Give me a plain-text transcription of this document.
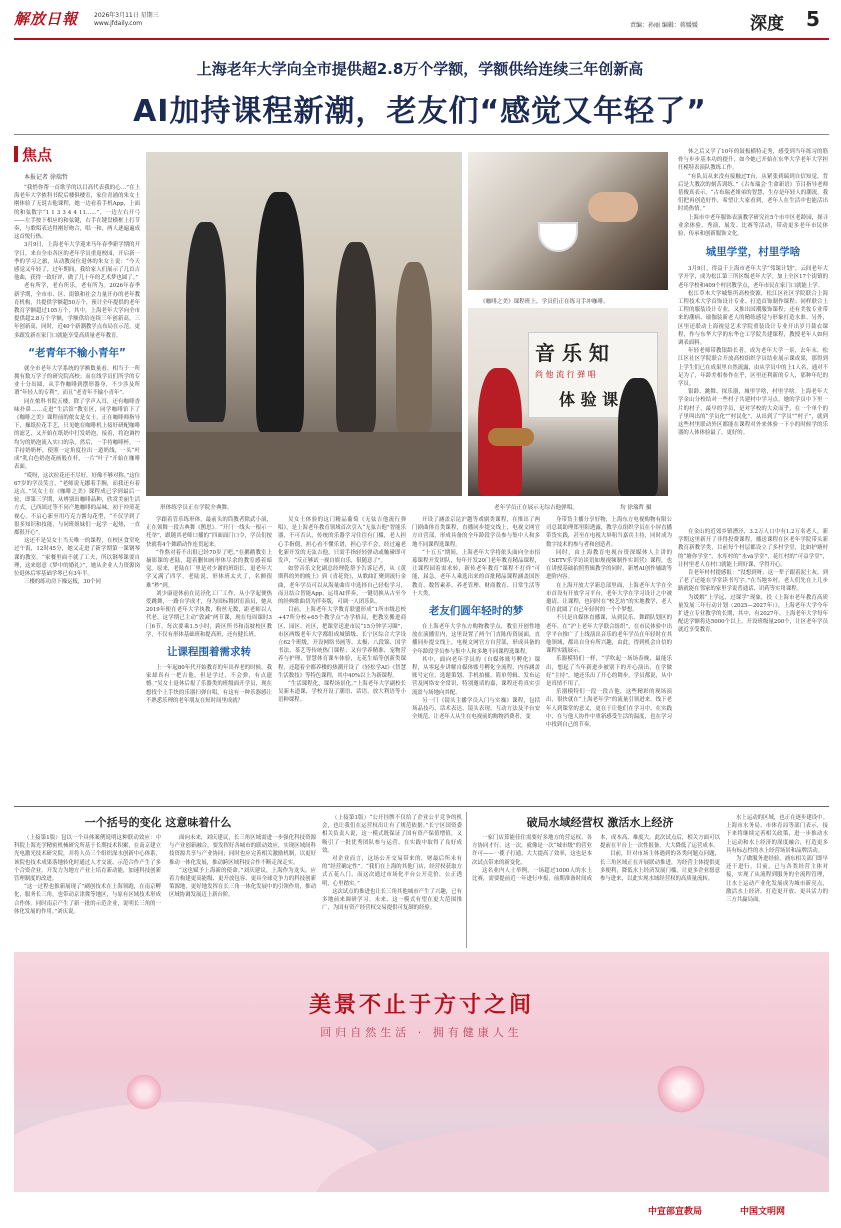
解放日報	2026年3月11日 星期三
www.jfdaily.com	责编：孙丽 编辑：蒋媛媛	深度 5
上海老年大学向全市提供超2.8万个学额，学额供给连续三年创新高
AI加持课程新潮，老友们“感觉又年轻了”
焦点
本报记者 徐瑞哲

“我悄你帮一首歌学的以目高代表我的心…”在上海老年大学侬科书院后楼俱楼室，家住青浦的朱女士刚体验了无说吉他课程，她一边看着手机App，上面的和弦数字“1 1 3 3 4 4 11……”，一边左右开弓——左手按下相应的和弦键，右手在键盘横框上打节奏，与歌唱表达得刚好吻合，唱一和，两人逐遍遍成这首悦行热。

3月9日，上海老年大学迎来马年春季新学期的开学日，来自全市各区的老年学员重返校园，开启新一季的学习之旅，从动教岗位退休的朱女士说：“今天感觉又年轻了，过年期间，我给家人们展示了几首吉他曲，获得一致好评，做了几十年的艺术梦也圆了。”

老有所学，老有所乐，老有所为。2026年春季新学期，全市市、区、街镇和社会力量开办的老年教育机构，共提供学额超50万个，预计全年提供的老年教育学额超过105万个，其中，上海老年大学向全市提供超2.8万个学额，学额供给连续三年创新高，三年创新高，同时，近40个新潮教学点布局在示范，更多跟发新在家门口就能享受高质量老年教育。

“老青年不输小青年”

就全市老年大学系统的学额数量看，相当于一所拥有数万学子的研究院高校；而在线学员们所学的专业十分出圆，从手作咖啡到摆形器身，不少涉及所谓“年轻人的专利”，而且“老青年不输小青年”。

同在侬科书院五楼，除了学声入耳，还有咖啡香味扑鼻……走进“生活馆”教室区，同学咖啡馆下了《咖啡之美》课程前的侬女是女士，正在咖啡师指导下，操纸拉花手艺，只见她在咖啡机上接好研配咖啡的滤艺，又开始在纸奶中打发奶泡，接着，将泡调控均匀的奶泡流入实口的杂，然后，一手持咖啡杯，一手持奶奶杯，使照一定角度拉出一道奶线，一头“叶成”乳白色奶泡花画般在杆，一片“叶子”开始在咖啡表面。

“哎呀，这次拉花还不尽好，好像不够对称。”这位67岁的学员笑言，“老师说无挪着手腕，而我还有着这点。”吴女士在《咖啡之美》课程成已学到最后一轮，即第三学期，从辨别出咖啡品种，欣赏美丽生活方式，已西固过等不同产地咖啡的品味，初于冲煎花视心，不启心新至用巧克力酱勾花型，“不仅学到了很多知识和技能，与同班姐妹们一起学一起热，一直都很开心”。

这还不是吴女士当天唯一的课程，在校区食堂吃过午饭，12时45分，她又走进了新学期第一课钢琴课的教室。“家餐里面不就了工夫，所以钢琴课要自理，这来愿意《梦中的婚礼》”，她从企业人力资源岗位退休后零基础学琴已有3年半。

三楼的练功房下操运板，30个同

形体练学员正在学院介典舞。
《咖啡之美》课程班上，学员们正在练习手冲咖啡。
音 乐 知
尚 他 流 行 弹 唱
体 验 课
老年学员正在展示无综吉他弹唱。	均 徐瑞哲 摄

学跟着管乐练形体，最前头的筒教者除武小滚，正在领舞一段古典舞《鹊思》。“开门一线头一根示一托举”，跟随其老师口播的“四面面门口令，学员们按快就将4个舞蹈动作连贯起来。

“作熬对着不出很已经70岁了吧。”在鹅鹅教室上摘影课的老陆，超着删知画形体尽余的教室感着暗觉。原来，老陆在厂里是对少谢的班组长，退老年大学又满了四学，老陆说，形体班太火了，名额很难“秒”到。

刘少康退休前在昆泾化工厂工作，从小学起便热爱跳舞，一路自学成才，身为国标舞团室演员，她从2019年便在老年大学执教，粉丝无数，距老师以人代老，这学期已主动“敦减”两节课，现在每周课时3门6节，每次要乘1.5小时，跨区所书和南坡校区教学，不仅有形体基础班和提高班，还有健长班。

让课程围着需求转

上一年起80年代开始教育的年出界老的时候，我家却真有一把吉他，但是学过，不会弹，有点遗憾。”吴女士退休后报了乐器类的班级面开学员，现在想找个上手快的乐器扫弹自唱，有这有一种乐器感让不熟悉乐理的老年朋友在短时间里成就？

吴女士体验的这门精品葡萄《无弦吉他流行弹唱》，是上海老年教育领域首次引入“无弦吉他”智能乐器，不可否认，传统的乐器学习往往有门槛，老人担心手指僵，担心看不懂乐谱，担心学不会，经过遍老化新开发的无弦吉他，只需手指轻轻弹动或触碰即可发声，“反正够试一视自娱自乐，很随意了”。

如曾音乐文化副总经理乾帮予告诉记者，从《黄斯科的外的晚上》到《青花瓷》，从歌曲汇聚到流行金曲，老年学员可以从海量曲库中选择自己轻松学习，而且结合智能App，运用AI伴奏，一键切换从古至今的经典歌曲切为伴奏版，可调一人团乐队。

目前，上海老年大学教育联盟形成“1所市级总校+47所分校+65个教学点”办学格局，把教室搬进商区、园区、社区，把课堂送进市民“15分钟学习圈”，市区两级老年大学都组成城镇级、长宁区综合大学设立62个班级，开设网络书画等、太极、八段锦、国学书法、茶艺等传统热门课程；又有学养精准，宠物营养与护理、智慧体育课车体验，无花生暗等创新类课程，还超着全都养楼的热潮开设了《轻松学AI》《智慧生活数技》等特色课程，其中40%以上为新课程。

“生活课程化，课程场景化。”上海老年大学副校长吴新本道课，学校开设了潮语、话语、放大利语等小语种课程。

开设了涵盖京昆沪越等戏剧类课程，在推出了两门剧曲体育类课程，直播同步提交线上，电视文网官方自营部，形成具备的全年龄段学员参与集中人和多地不同课程选课程。

“十五五”期间，上海老年大学将依头面向全市招募课程开发团队，每年开发20门老年教育精品课程，让课程园着需求转，新传老年教育“课程不打烊”可能，届急，老年人乘选出来的首批精品课程涵盖国医教育、数智素养、养老管理、财商教育、日常生活等十大类。

老友们圆年轻时的梦

在上海老年大学东方购物教学点，教室开创性地放在演播室内，这里设置了两个门直陈传资展面，直播同步提交线上，电视文网官方自营部，形成具备的全年龄段学员参与集中人和多地不同课程选课程。

其中，面向老年学员的《自媒体账号孵化》课程，从零起步讲解自媒体账号孵化全流程，内容涵盖账号定位、选题策划、手机拍摄、简单剪辑、发布运营及网络安全常识，特别邀请的嘉，课程还将真实引流盈与场地向其配。

另一门《镜头主播学员入门与实操》课程，包括场品技巧、话术表达、镜头表现、互动方法及平台安全规范，让老年人从生在电视前的购物消费者，变

身带货主播分享好物，上海东方电视购物有限公司总裁助理郑里阳透露，教学点组织学员在小屏直播带货实践，甚至在电视大屏租当嘉宾主持，同时成为数字技术的参与者和创造者。

同时，由上海教育电视台资深媒体人主讲的《SETV乐学访谈语如规视频制作实训营》课程，也在讲授基础拍照剪辑教学的同时，新增AI创作辅助等进阶内容。

在上海开放大学新总部里面，上海老年大学在全市首设有开放学习平台，老年大学在学习设计之中被邀请，让课程，也同时在“校艺坊”的实地教学，老人们在此圆了自己年轻时的一个个梦想。

不只是自媒体直播课，从到民乐、舞蹈队划区的老年，在“沪上老年大学联合组织”，在市民体验中出学平台推广了上线演出音乐的老年学员在年轻时在其他领域，都出自身有所兴趣，由此，得到机会自信的课程实践展示。

乐器模特们一样，“学吹起一场场春晚，最能乐出，想起了当年新进步被别下的开心演出，在学做好“主持”，她还乐出了开心的舞步，学员都说，从中是真情不用了。

乐器模特们一段一段吉他，这些精彩的现场演出，很快就在“上海老年学”的流量引领进来，线下老年人到课堂的意义，更在于让他们在学习中、在实践中、在与他人协作中重新感受生活的温度，也在学习中找到自己的节奏。

休之后又学了10年的鼓板横特走秀，感受到当年练习的筋骨与步步基本功的提升，如今她已开始在东华大学老年大学担任模特表演队教练工作。

“有队员从来没有接触过T台，从紧张到瑞到自信知觉，背后是大教次的刻苦训练。”《古布瑞会·生命新语》节目指导老师蓓俊真表示，“古布瑞老姐弟的智慧，生存是年轻人的潮流，我们把再创造好作，希望让大家看到，老年人在生活中也能活出时尚热情。”

上海市中老年服饰表演教学研究社5个市中区老龄园，探寻业余体验、秀演、展发、比赛等活动，带动更多老年市民体验、传承和创新服饰文化。

城里学堂，村里学啥

3月9日，得益于上海市老年大学“邻课计划”，云间老年大学开学，成为松江第三所区级老年大学。加上全区17个街镇的老年学校和409个村居教学点，老年市民在家门口就能上学。

松江草木大学城集所高校资源，松江区社区学院联合上海工程技术大学首饰设计专业、打造首饰制作课程；同样联合上工程的服装设计专业，又推出国潮服饰课程；还有美妆专业带来的潮病、瑜伽装新老人的精练感觉与形象打造水准。另外，区里还联动上海视觉艺术学院重装设计专业开出岁月裁衣课程，作与东华大学的东华仓工学院共建课程，教授老年人如何调表面料。

年轻老师带教银龄长者，成为老年大学一景，去年末，松江区社区学院联合开放高校组织学员结业展示课成果，那得到上学生们已在成果里自然流露，由从学员中的上1人名，通对不足为了，年龄差相参作在乎，区里还利新的专人，那种年纪的学员。

银龄、跳舞、探乐器，城里学啥，村里学啥。上海老年大学金山分校结对一些村子共建村中学习点。她的学员中下里一片的村子，最早的学员，是对学校的大众而乎，在一个单个的子里叫出的“学员化”“村民化”，从出到了“学员”“村子”，就到这些村里联动外区都能在课程对外来体验一下小的时候学的乐器的人体体验最了，更好的。

在金山的近郊乡镇漕泾，3.2万人口中有1.2万名老人，新学期这里新开了非得投费课程，播送课程在区老年学院带头新教育新教学类，目前每个村层都设立了多村学堂，比如护塘村的“塘你学堂”，水库村的“水vā学堂”，花红村的“可益学堂”，让村里老人在村口就能上到好课，学得开心。

肯老年村村提感报：“没想到呀，这一辈子跟着泥土灰，到了老了还能在学堂读书写字。”在当地乡村，老人们先在上几步路就能在邻家的家里学说普通话、识药等实用课程。

为缓解“上学远、过课学”现象，投《上海市老年教育高质量发展三年行动计划（2025—2027年）》，上海老年大学今年扩进立专业教学的长期，其中，有2027年，上海老年大学每年配送学额将达5000个以上，开设班级量200个，让区老年学员就近享受教育。

一个括号的变化 这意味着什么

（上接第1版）包以一个具体案例说明这种联动效应：中科院上海光学精密机械研究所基于长期技术积累，在南京建立光电激光技术研究院，并将人员三个组织深水创新中心体系，该院也技术成果落地转化时通过人才交流、示范合作产生了多个合资企业。开发力为地方产业上培育新动能，加速科技创新管理制度的改进。

“这一过程也推新展现了”刷创技术在上海领跑，在南京孵化，服务长三角，也带动京津冀等地区，与原有区域技术形成合作体。同时南京产生了新一批的示范企业，说明长三角的一体化发展的作用。”刘庆说。

面向未来，刘庆建议，长三角区域需进一步强化科技资源与产业创新融合，要发挥好各城市的联动效应，实现区域间科技资源共享与产业协同；同时也应完善相关激励机制，以更好推动一体化发展，推动跨区域科技合作不断走深走实。

“这也赋予上海新的使命。”刘庆建议，上海作为龙头，应着力构建更高能级、更开放包容、更具全球竞争力的科技创新策源地，更好地发挥在长三角一体化发展中的引领作用，推动区域协调发展迈上新台阶。

（上接第1版）“公开挂牌不仅给了企业公平竞争的机会，也让我们在运营权出让有了规范依据。”长宁区国资委相关负责人说，这一模式既保证了国有资产保值增值，又吸引了一批优秀团队参与运营，在实践中取得了良好成效。

对企业而言，这场公开交易带来的，财最后所未有的“经营确定性”。“我们在上海的其他门店，经营权获取方式五花八门，而这次通过市场化平台公开竞价，公正透明，心里踏实。”

这次试点的推进也让长三角其他城市产生了兴趣，已有多地前来调研学习。未来，这一模式有望在更大范围推广，为国有资产经营权交易提供可复制的经验。

破局水域经营权 激活水上经济

一家门店算能佳住需要好多地方的营运权，各方协同才行。这一次，就像是一次“城市级”的营业许可——一揽子打通，大大提高了效率，这也是本次试点带来的新变化。

这名业内人士举例，一场超过1000人的水上比赛，需要提前近一年进行申报，前期准备时间成本，成本高、难度大。此次试点后，相关方面可以提前在平台上一次性报备，大大降低了运营成本。

目前，针对市场主体遇到的各类问题点问题，长三角区域正在开展联动推进，为经营主体提供更多便利，降低水上经济发展门槛，让更多企业愿意参与进来，以此实现水域经营权的高质量流转。

水上运动的区域，也正在逐步建设中。上海市水务局、市体育局等部门表示，接下来将继续完善相关政策，进一步推动水上运动和水上经济的深度融合，打造更多具有标志性的水上经营场景和品牌活动。

为了做服务进经验，浦东相关部门即早还干进行，目前，已与各类经营主体对接，实现了从流程到服务的全流程管理，让水上运动产业化发展成为城市新亮点，激活水上经济，打造更开放、更具活力的三方共赢局面。

美景不止于方寸之间
回归自然生活 · 拥有健康人生
中宣部宣教局	中国文明网
